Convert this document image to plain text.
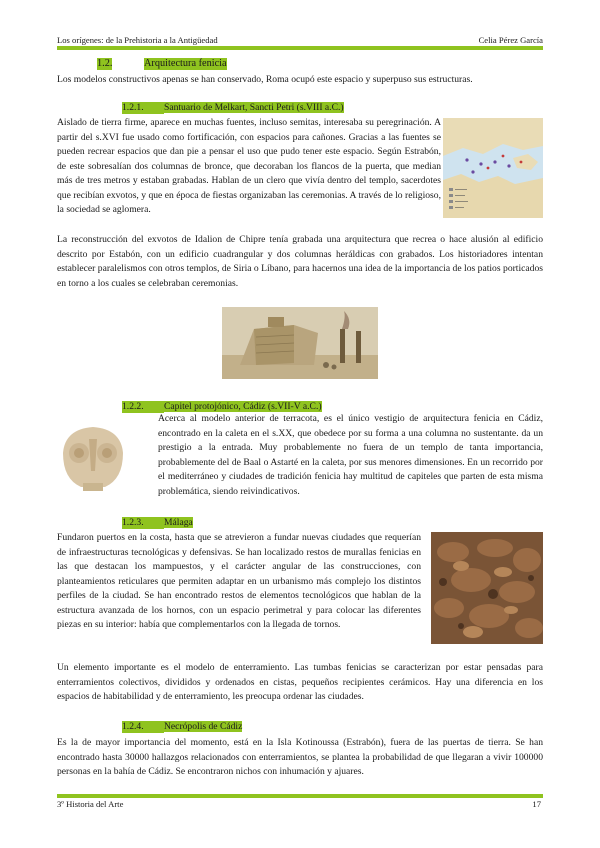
Los orígenes: de la Prehistoria a la Antigüedad	Celia Pérez García
1.2.	Arquitectura fenicia

Los modelos constructivos apenas se han conservado, Roma ocupó este espacio y superpuso sus estructuras.

1.2.1. Santuario de Melkart, Sancti Petri (s.VIII a.C.)

Aislado de tierra firme, aparece en muchas fuentes, incluso semitas, interesaba su peregrinación. A partir del s.XVI fue usado como fortificación, con espacios para cañones. Gracias a las fuentes se pueden recrear espacios que dan pie a pensar el uso que pudo tener este espacio. Según Estrabón, de este sobresalían dos columnas de bronce, que decoraban los flancos de la puerta, que median más de tres metros y estaban grabadas. Hablan de un clero que vivía dentro del templo, sacerdotes que recibían exvotos, y que en época de fiestas organizaban las ceremonias. A través de lo religioso, la sociedad se aglomera.

La reconstrucción del exvotos de Idalion de Chipre tenía grabada una arquitectura que recrea o hace alusión al edificio descrito por Estabón, con un edificio cuadrangular y dos columnas heráldicas con grabados. Los historiadores intentan establecer paralelismos con otros templos, de Siria o Líbano, para hacernos una idea de la importancia de los patios porticados en torno a los cuales se celebraban ceremonias.

1.2.2. Capitel protojónico, Cádiz (s.VII-V a.C.)

Acerca al modelo anterior de terracota, es el único vestigio de arquitectura fenicia en Cádiz, encontrado en la caleta en el s.XX, que obedece por su forma a una columna no sustentante. da un prestigio a la entrada. Muy probablemente no fuera de un templo de tanta importancia, probablemente del de Baal o Astarté en la caleta, por sus menores dimensiones. En un recorrido por el mediterráneo y ciudades de tradición fenicia hay multitud de capiteles que parten de esta misma problemática, siendo reivindicativos.

1.2.3. Málaga

Fundaron puertos en la costa, hasta que se atrevieron a fundar nuevas ciudades que requerían de infraestructuras tecnológicas y defensivas. Se han localizado restos de murallas fenicias en las que destacan los mampuestos, y el carácter angular de las construcciones, con planteamientos reticulares que permiten adaptar en un urbanismo más complejo los distintos perfiles de la ciudad. Se han encontrado restos de elementos tecnológicos que hablan de la estructura avanzada de los hornos, con un espacio perimetral y para colocar las diferentes piezas en su interior: había que complementarlos con la llegada de tornos.

Un elemento importante es el modelo de enterramiento. Las tumbas fenicias se caracterizan por estar pensadas para enterramientos colectivos, divididos y ordenados en cistas, pequeños recipientes cerámicos. Hay una diferencia en los espacios de habitabilidad y de enterramiento, les preocupa ordenar las ciudades.

1.2.4. Necrópolis de Cádiz

Es la de mayor importancia del momento, está en la Isla Kotinoussa (Estrabón), fuera de las puertas de tierra. Se han encontrado hasta 30000 hallazgos relacionados con enterramientos, se plantea la probabilidad de que llegaran a vivir 100000 personas en la bahía de Cádiz. Se encontraron nichos con inhumación y ajuares.

3º Historia del Arte	17
